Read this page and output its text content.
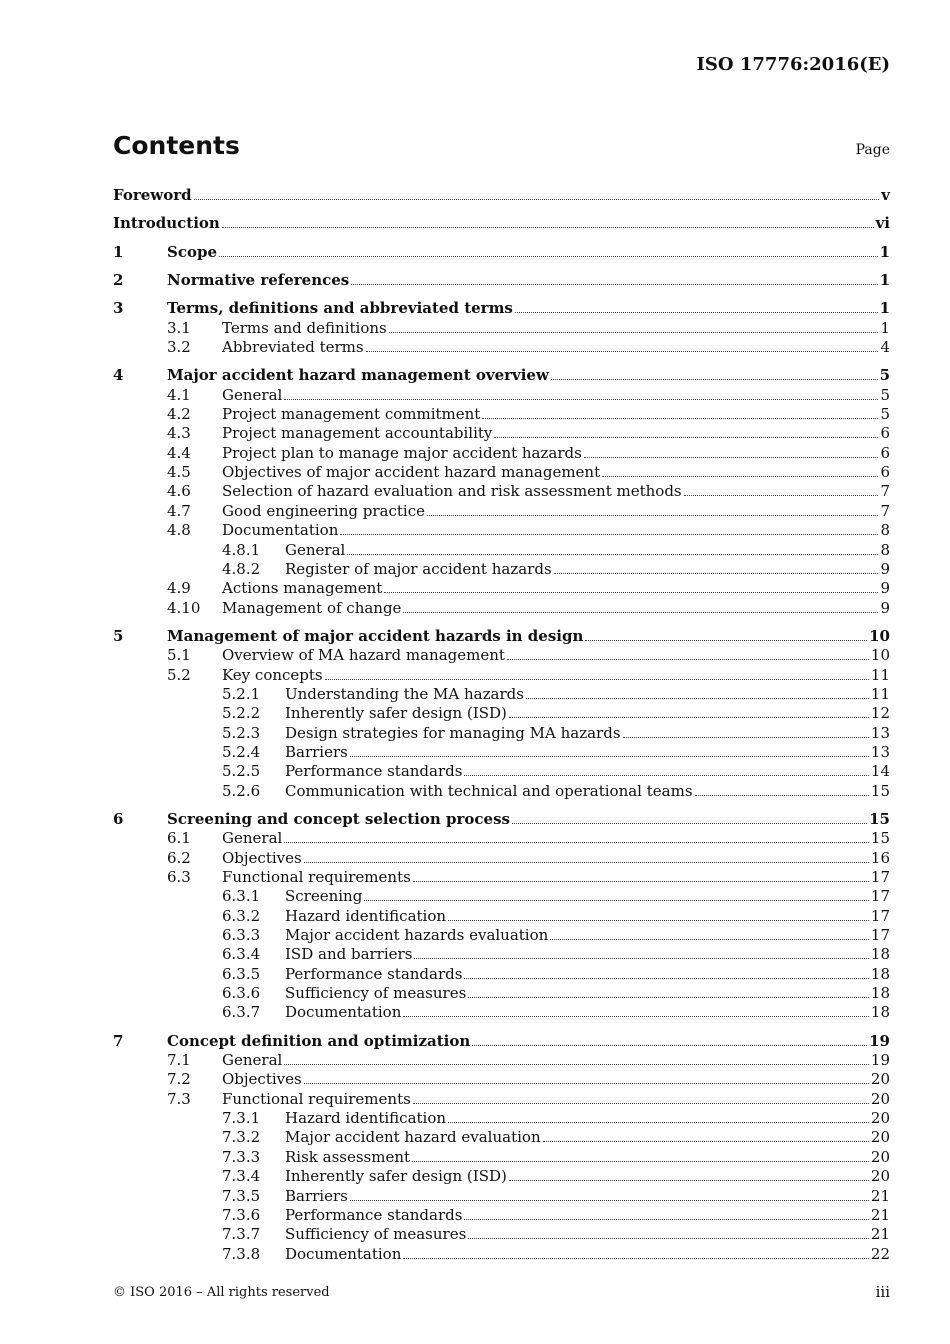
ISO 17776:2016(E)
Contents	Page
Foreword	v
Introduction	vi
1	Scope	1
2	Normative references	1
3	Terms, definitions and abbreviated terms	1
3.1 Terms and definitions	1
3.2 Abbreviated terms	4
4	Major accident hazard management overview	5
4.1 General	5
4.2 Project management commitment	5
4.3 Project management accountability	6
4.4 Project plan to manage major accident hazards	6
4.5 Objectives of major accident hazard management	6
4.6 Selection of hazard evaluation and risk assessment methods	7
4.7 Good engineering practice	7
4.8 Documentation	8
4.8.1 General	8
4.8.2 Register of major accident hazards	9
4.9 Actions management	9
4.10 Management of change	9
5	Management of major accident hazards in design	10
5.1 Overview of MA hazard management	10
5.2 Key concepts	11
5.2.1 Understanding the MA hazards	11
5.2.2 Inherently safer design (ISD)	12
5.2.3 Design strategies for managing MA hazards	13
5.2.4 Barriers	13
5.2.5 Performance standards	14
5.2.6 Communication with technical and operational teams	15
6	Screening and concept selection process	15
6.1 General	15
6.2 Objectives	16
6.3 Functional requirements	17
6.3.1 Screening	17
6.3.2 Hazard identification	17
6.3.3 Major accident hazards evaluation	17
6.3.4 ISD and barriers	18
6.3.5 Performance standards	18
6.3.6 Sufficiency of measures	18
6.3.7 Documentation	18
7	Concept definition and optimization	19
7.1 General	19
7.2 Objectives	20
7.3 Functional requirements	20
7.3.1 Hazard identification	20
7.3.2 Major accident hazard evaluation	20
7.3.3 Risk assessment	20
7.3.4 Inherently safer design (ISD)	20
7.3.5 Barriers	21
7.3.6 Performance standards	21
7.3.7 Sufficiency of measures	21
7.3.8 Documentation	22
© ISO 2016 – All rights reserved	iii
